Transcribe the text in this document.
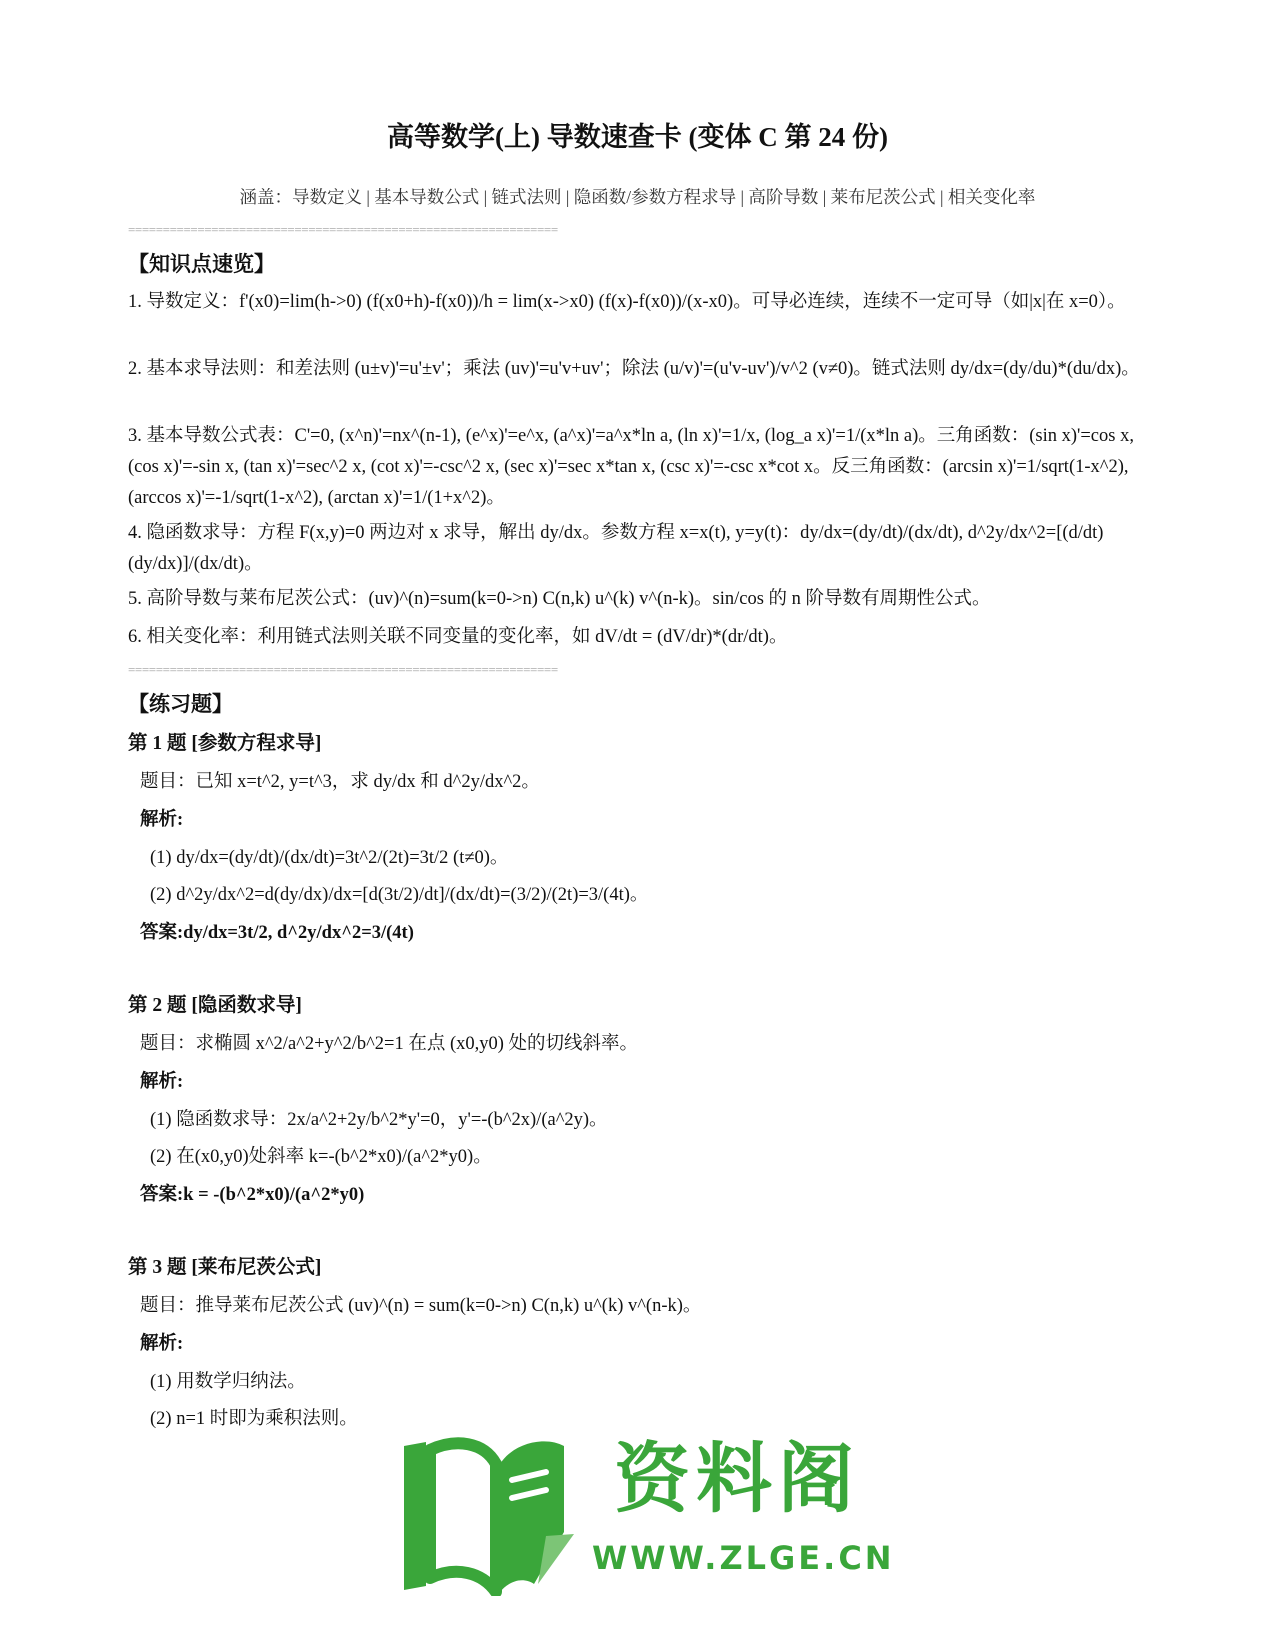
高等数学(上) 导数速查卡 (变体 C 第 24 份)
涵盖：导数定义 | 基本导数公式 | 链式法则 | 隐函数/参数方程求导 | 高阶导数 | 莱布尼茨公式 | 相关变化率
==============================================================
【知识点速览】
1. 导数定义：f'(x0)=lim(h->0) (f(x0+h)-f(x0))/h = lim(x->x0) (f(x)-f(x0))/(x-x0)。可导必连续，连续不一定可导（如|x|在 x=0）。
2. 基本求导法则：和差法则 (u±v)'=u'±v'；乘法 (uv)'=u'v+uv'；除法 (u/v)'=(u'v-uv')/v^2 (v≠0)。链式法则 dy/dx=(dy/du)*(du/dx)。
3. 基本导数公式表：C'=0, (x^n)'=nx^(n-1), (e^x)'=e^x, (a^x)'=a^x*ln a, (ln x)'=1/x, (log_a x)'=1/(x*ln a)。三角函数：(sin x)'=cos x, (cos x)'=-sin x, (tan x)'=sec^2 x, (cot x)'=-csc^2 x, (sec x)'=sec x*tan x, (csc x)'=-csc x*cot x。反三角函数：(arcsin x)'=1/sqrt(1-x^2), (arccos x)'=-1/sqrt(1-x^2), (arctan x)'=1/(1+x^2)。
4. 隐函数求导：方程 F(x,y)=0 两边对 x 求导，解出 dy/dx。参数方程 x=x(t), y=y(t)：dy/dx=(dy/dt)/(dx/dt), d^2y/dx^2=[(d/dt)(dy/dx)]/(dx/dt)。
5. 高阶导数与莱布尼茨公式：(uv)^(n)=sum(k=0->n) C(n,k) u^(k) v^(n-k)。sin/cos 的 n 阶导数有周期性公式。
6. 相关变化率：利用链式法则关联不同变量的变化率，如 dV/dt = (dV/dr)*(dr/dt)。
==============================================================
【练习题】
第 1 题 [参数方程求导]
题目：已知 x=t^2, y=t^3，求 dy/dx 和 d^2y/dx^2。
解析:
(1) dy/dx=(dy/dt)/(dx/dt)=3t^2/(2t)=3t/2 (t≠0)。
(2) d^2y/dx^2=d(dy/dx)/dx=[d(3t/2)/dt]/(dx/dt)=(3/2)/(2t)=3/(4t)。
答案:dy/dx=3t/2, d^2y/dx^2=3/(4t)
第 2 题 [隐函数求导]
题目：求椭圆 x^2/a^2+y^2/b^2=1 在点 (x0,y0) 处的切线斜率。
解析:
(1) 隐函数求导：2x/a^2+2y/b^2*y'=0，y'=-(b^2x)/(a^2y)。
(2) 在(x0,y0)处斜率 k=-(b^2*x0)/(a^2*y0)。
答案:k = -(b^2*x0)/(a^2*y0)
第 3 题 [莱布尼茨公式]
题目：推导莱布尼茨公式 (uv)^(n) = sum(k=0->n) C(n,k) u^(k) v^(n-k)。
解析:
(1) 用数学归纳法。
(2) n=1 时即为乘积法则。
资料阁
WWW.ZLGE.CN
